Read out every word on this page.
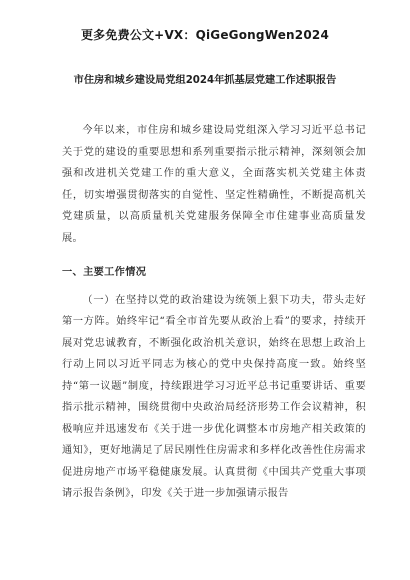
更多免费公文+VX：QiGeGongWen2024
市住房和城乡建设局党组2024年抓基层党建工作述职报告

今年以来，市住房和城乡建设局党组深入学习习近平总书记关于党的建设的重要思想和系列重要指示批示精神，深刻领会加强和改进机关党建工作的重大意义，全面落实机关党建主体责任，切实增强贯彻落实的自觉性、坚定性精确性，不断提高机关党建质量，以高质量机关党建服务保障全市住建事业高质量发展。

一、主要工作情况

（一）在坚持以党的政治建设为统领上狠下功夫，带头走好第一方阵。始终牢记“看全市首先要从政治上看”的要求，持续开展对党忠诚教育，不断强化政治机关意识，始终在思想上政治上行动上同以习近平同志为核心的党中央保持高度一致。始终坚持“第一议题”制度，持续跟进学习习近平总书记重要讲话、重要指示批示精神，围绕贯彻中央政治局经济形势工作会议精神，积极响应并迅速发布《关于进一步优化调整本市房地产相关政策的通知》，更好地满足了居民刚性住房需求和多样化改善性住房需求促进房地产市场平稳健康发展。认真贯彻《中国共产党重大事项请示报告条例》，印发《关于进一步加强请示报告
